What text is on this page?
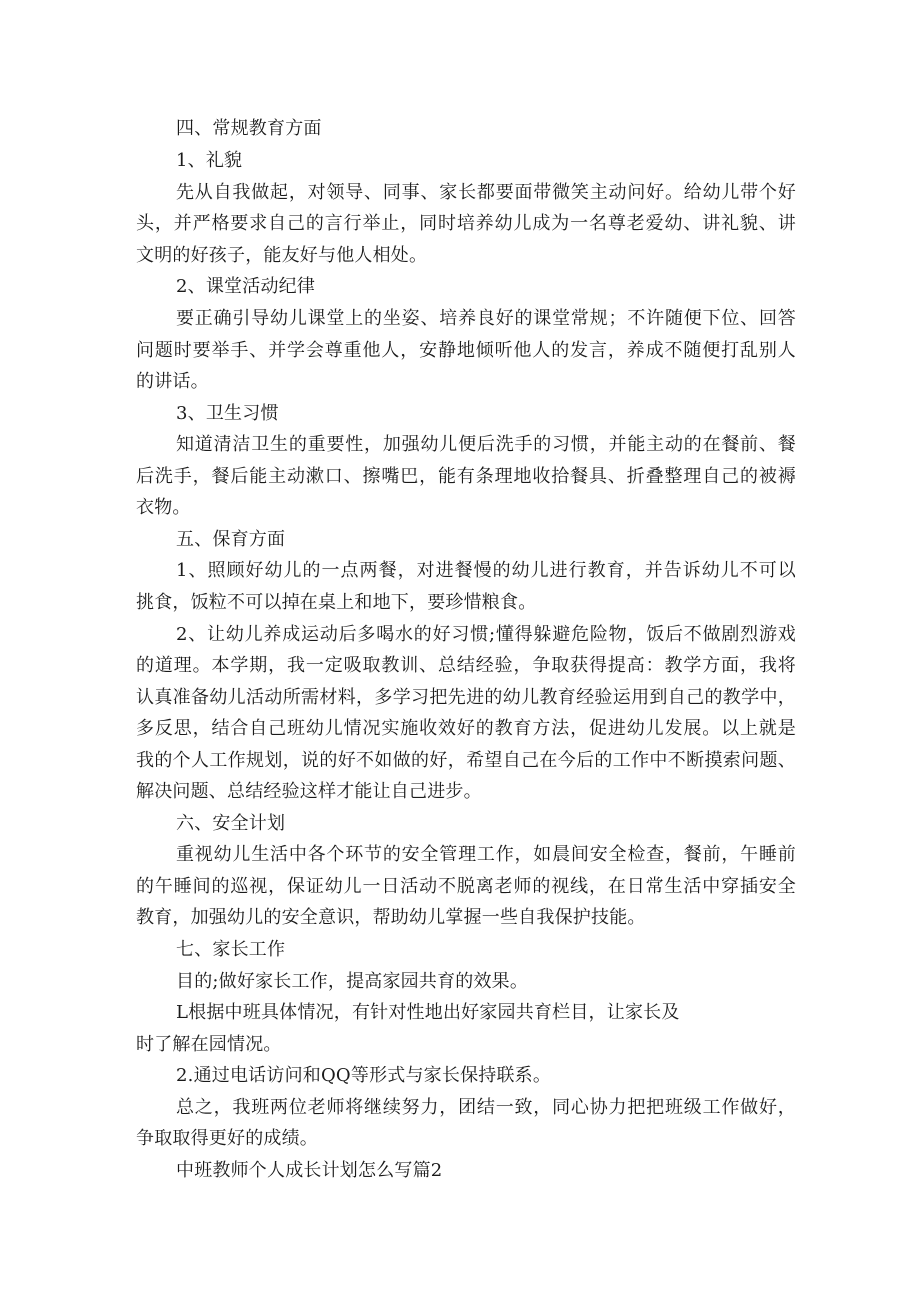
四、常规教育方面
1、礼貌
先从自我做起，对领导、同事、家长都要面带微笑主动问好。给幼儿带个好
头，并严格要求自己的言行举止，同时培养幼儿成为一名尊老爱幼、讲礼貌、讲
文明的好孩子，能友好与他人相处。
2、课堂活动纪律
要正确引导幼儿课堂上的坐姿、培养良好的课堂常规；不许随便下位、回答
问题时要举手、并学会尊重他人，安静地倾听他人的发言，养成不随便打乱别人
的讲话。
3、卫生习惯
知道清洁卫生的重要性，加强幼儿便后洗手的习惯，并能主动的在餐前、餐
后洗手，餐后能主动漱口、擦嘴巴，能有条理地收拾餐具、折叠整理自己的被褥
衣物。
五、保育方面
1、照顾好幼儿的一点两餐，对进餐慢的幼儿进行教育，并告诉幼儿不可以
挑食，饭粒不可以掉在桌上和地下，要珍惜粮食。
2、让幼儿养成运动后多喝水的好习惯;懂得躲避危险物，饭后不做剧烈游戏
的道理。本学期，我一定吸取教训、总结经验，争取获得提高：教学方面，我将
认真准备幼儿活动所需材料，多学习把先进的幼儿教育经验运用到自己的教学中，
多反思，结合自己班幼儿情况实施收效好的教育方法，促进幼儿发展。以上就是
我的个人工作规划，说的好不如做的好，希望自己在今后的工作中不断摸索问题、
解决问题、总结经验这样才能让自己进步。
六、安全计划
重视幼儿生活中各个环节的安全管理工作，如晨间安全检查，餐前，午睡前
的午睡间的巡视，保证幼儿一日活动不脱离老师的视线，在日常生活中穿插安全
教育，加强幼儿的安全意识，帮助幼儿掌握一些自我保护技能。
七、家长工作
目的;做好家长工作，提高家园共育的效果。
L根据中班具体情况，有针对性地出好家园共育栏目，让家长及
时了解在园情况。
2.通过电话访问和QQ等形式与家长保持联系。
总之，我班两位老师将继续努力，团结一致，同心协力把把班级工作做好，
争取取得更好的成绩。
中班教师个人成长计划怎么写篇2
